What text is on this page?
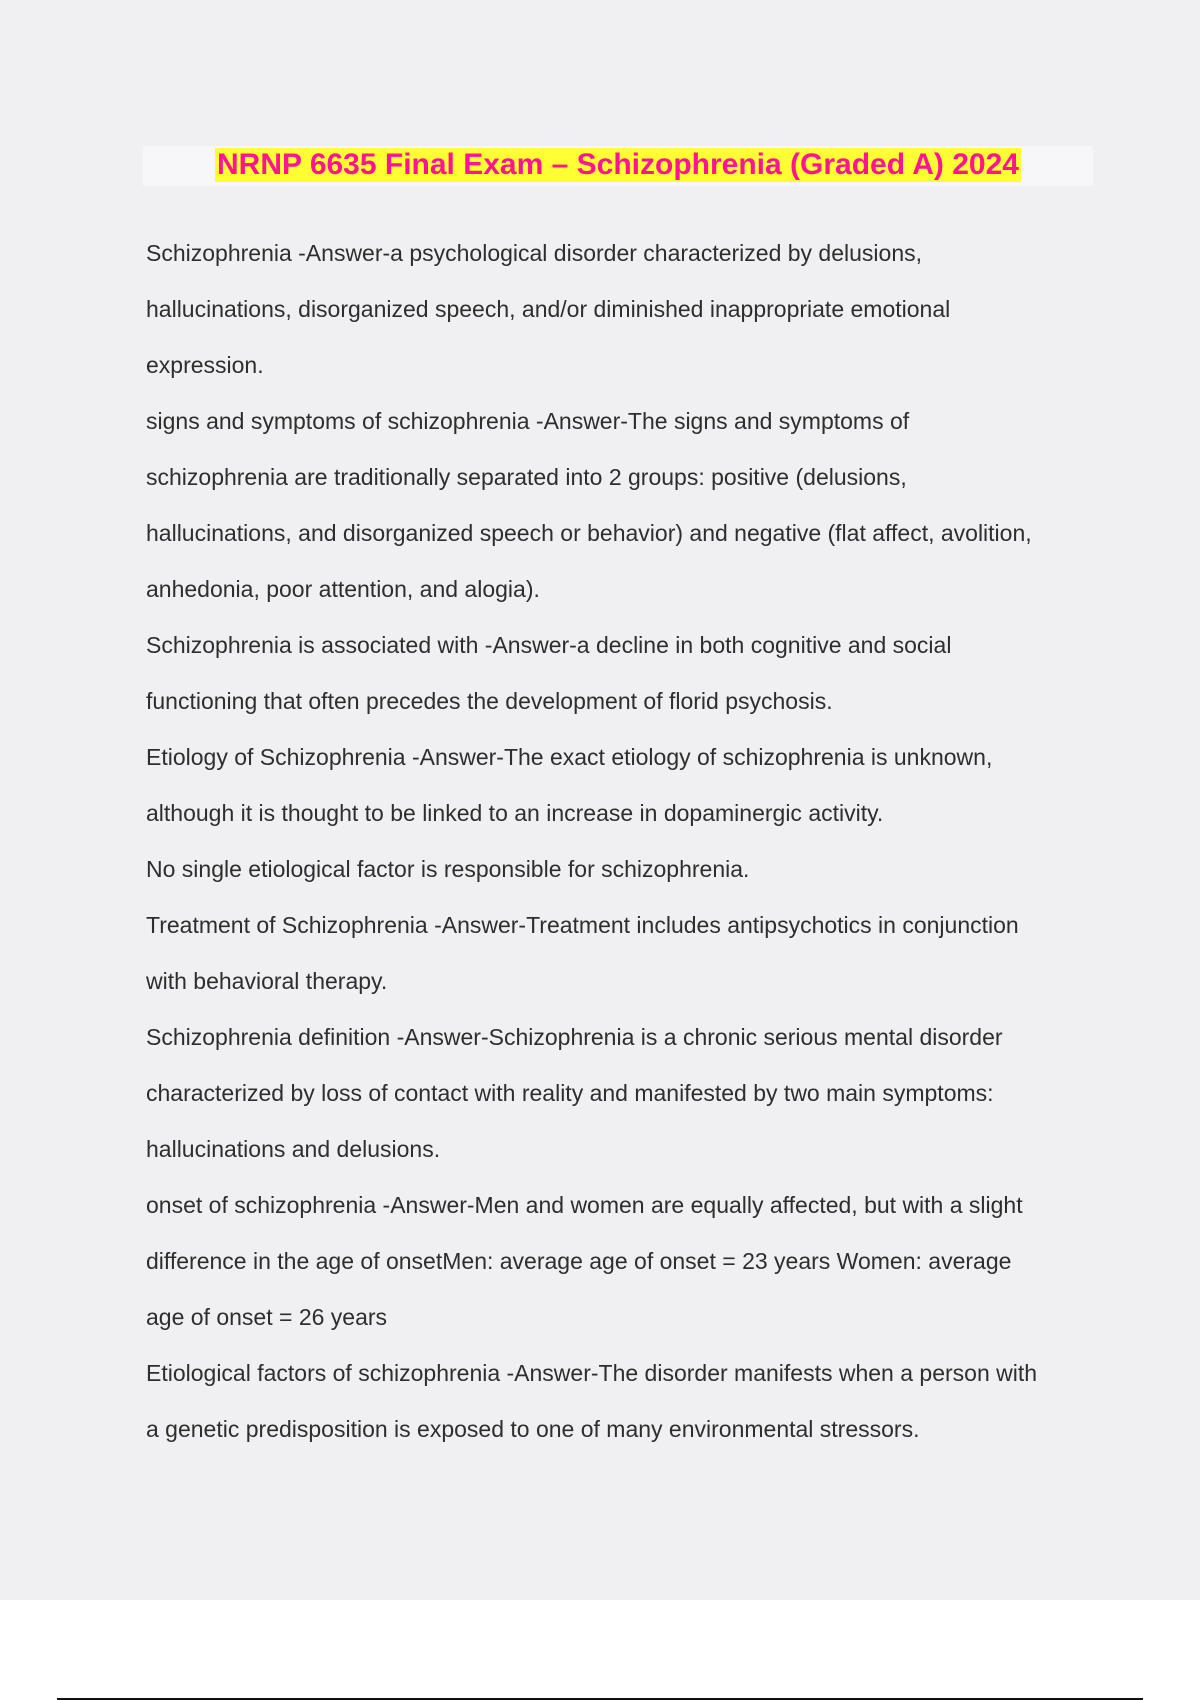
NRNP 6635 Final Exam – Schizophrenia (Graded A) 2024
Schizophrenia -Answer-a psychological disorder characterized by delusions,
hallucinations, disorganized speech, and/or diminished inappropriate emotional
expression.
signs and symptoms of schizophrenia -Answer-The signs and symptoms of
schizophrenia are traditionally separated into 2 groups: positive (delusions,
hallucinations, and disorganized speech or behavior) and negative (flat affect, avolition,
anhedonia, poor attention, and alogia).
Schizophrenia is associated with -Answer-a decline in both cognitive and social
functioning that often precedes the development of florid psychosis.
Etiology of Schizophrenia -Answer-The exact etiology of schizophrenia is unknown,
although it is thought to be linked to an increase in dopaminergic activity.
No single etiological factor is responsible for schizophrenia.
Treatment of Schizophrenia -Answer-Treatment includes antipsychotics in conjunction
with behavioral therapy.
Schizophrenia definition -Answer-Schizophrenia is a chronic serious mental disorder
characterized by loss of contact with reality and manifested by two main symptoms:
hallucinations and delusions.
onset of schizophrenia -Answer-Men and women are equally affected, but with a slight
difference in the age of onsetMen: average age of onset = 23 years Women: average
age of onset = 26 years
Etiological factors of schizophrenia -Answer-The disorder manifests when a person with
a genetic predisposition is exposed to one of many environmental stressors.
